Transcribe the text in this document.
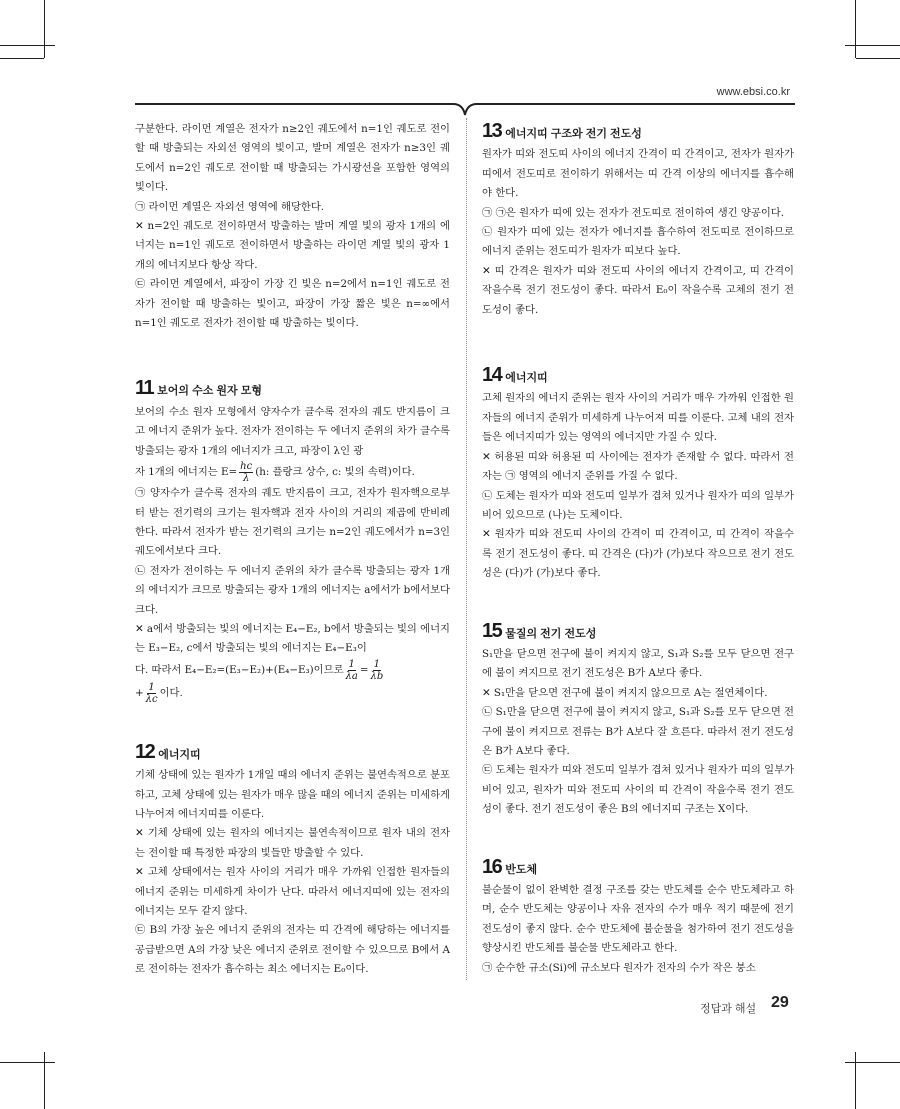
www.ebsi.co.kr

구분한다. 라이먼 계열은 전자가 n≥2인 궤도에서 n=1인 궤도로 전이할 때 방출되는 자외선 영역의 빛이고, 발머 계열은 전자가 n≥3인 궤도에서 n=2인 궤도로 전이할 때 방출되는 가시광선을 포함한 영역의 빛이다.

㉠ 라이먼 계열은 자외선 영역에 해당한다.

✕ n=2인 궤도로 전이하면서 방출하는 발머 계열 빛의 광자 1개의 에너지는 n=1인 궤도로 전이하면서 방출하는 라이먼 계열 빛의 광자 1개의 에너지보다 항상 작다.

㉢ 라이먼 계열에서, 파장이 가장 긴 빛은 n=2에서 n=1인 궤도로 전자가 전이할 때 방출하는 빛이고, 파장이 가장 짧은 빛은 n=∞에서 n=1인 궤도로 전자가 전이할 때 방출하는 빛이다.

11 보어의 수소 원자 모형

보어의 수소 원자 모형에서 양자수가 클수록 전자의 궤도 반지름이 크고 에너지 준위가 높다. 전자가 전이하는 두 에너지 준위의 차가 클수록 방출되는 광자 1개의 에너지가 크고, 파장이 λ인 광

자 1개의 에너지는 $E= \frac{hc}{\lambda} (h$: 플랑크 상수, c: 빛의 속력)이다.

㉠ 양자수가 클수록 전자의 궤도 반지름이 크고, 전자가 원자핵으로부터 받는 전기력의 크기는 원자핵과 전자 사이의 거리의 제곱에 반비례한다. 따라서 전자가 받는 전기력의 크기는 n=2인 궤도에서가 n=3인 궤도에서보다 크다.

㉡ 전자가 전이하는 두 에너지 준위의 차가 클수록 방출되는 광자 1개의 에너지가 크므로 방출되는 광자 1개의 에너지는 a에서가 b에서보다 크다.

✕ a에서 방출되는 빛의 에너지는 E₄−E₂, b에서 방출되는 빛의 에너지는 E₃−E₂, c에서 방출되는 빛의 에너지는 E₄−E₃이

다. 따라서 E₄−E₂=(E₃−E₂)+(E₄−E₃)이므로 $\frac{1}{\lambda a} = \frac{1}{\lambda b}$

+ $\frac{1}{\lambda c}$ 이다.

12 에너지띠

기체 상태에 있는 원자가 1개일 때의 에너지 준위는 불연속적으로 분포하고, 고체 상태에 있는 원자가 매우 많을 때의 에너지 준위는 미세하게 나누어져 에너지띠를 이룬다.

✕ 기체 상태에 있는 원자의 에너지는 불연속적이므로 원자 내의 전자는 전이할 때 특정한 파장의 빛들만 방출할 수 있다.

✕ 고체 상태에서는 원자 사이의 거리가 매우 가까워 인접한 원자들의 에너지 준위는 미세하게 차이가 난다. 따라서 에너지띠에 있는 전자의 에너지는 모두 같지 않다.

㉢ B의 가장 높은 에너지 준위의 전자는 띠 간격에 해당하는 에너지를 공급받으면 A의 가장 낮은 에너지 준위로 전이할 수 있으므로 B에서 A로 전이하는 전자가 흡수하는 최소 에너지는 E₀이다.

13 에너지띠 구조와 전기 전도성

원자가 띠와 전도띠 사이의 에너지 간격이 띠 간격이고, 전자가 원자가 띠에서 전도띠로 전이하기 위해서는 띠 간격 이상의 에너지를 흡수해야 한다.

㉠ ㉠은 원자가 띠에 있는 전자가 전도띠로 전이하여 생긴 양공이다.

㉡ 원자가 띠에 있는 전자가 에너지를 흡수하여 전도띠로 전이하므로 에너지 준위는 전도띠가 원자가 띠보다 높다.

✕ 띠 간격은 원자가 띠와 전도띠 사이의 에너지 간격이고, 띠 간격이 작을수록 전기 전도성이 좋다. 따라서 E₀이 작을수록 고체의 전기 전도성이 좋다.

14 에너지띠

고체 원자의 에너지 준위는 원자 사이의 거리가 매우 가까워 인접한 원자들의 에너지 준위가 미세하게 나누어져 띠를 이룬다. 고체 내의 전자들은 에너지띠가 있는 영역의 에너지만 가질 수 있다.

✕ 허용된 띠와 허용된 띠 사이에는 전자가 존재할 수 없다. 따라서 전자는 ㉠ 영역의 에너지 준위를 가질 수 없다.

㉡ 도체는 원자가 띠와 전도띠 일부가 겹쳐 있거나 원자가 띠의 일부가 비어 있으므로 (나)는 도체이다.

✕ 원자가 띠와 전도띠 사이의 간격이 띠 간격이고, 띠 간격이 작을수록 전기 전도성이 좋다. 띠 간격은 (다)가 (가)보다 작으므로 전기 전도성은 (다)가 (가)보다 좋다.

15 물질의 전기 전도성

S₁만을 닫으면 전구에 불이 켜지지 않고, S₁과 S₂를 모두 닫으면 전구에 불이 켜지므로 전기 전도성은 B가 A보다 좋다.

✕ S₁만을 닫으면 전구에 불이 켜지지 않으므로 A는 절연체이다.

㉡ S₁만을 닫으면 전구에 불이 켜지지 않고, S₁과 S₂를 모두 닫으면 전구에 불이 켜지므로 전류는 B가 A보다 잘 흐른다. 따라서 전기 전도성은 B가 A보다 좋다.

㉢ 도체는 원자가 띠와 전도띠 일부가 겹쳐 있거나 원자가 띠의 일부가 비어 있고, 원자가 띠와 전도띠 사이의 띠 간격이 작을수록 전기 전도성이 좋다. 전기 전도성이 좋은 B의 에너지띠 구조는 X이다.

16 반도체

불순물이 없이 완벽한 결정 구조를 갖는 반도체를 순수 반도체라고 하며, 순수 반도체는 양공이나 자유 전자의 수가 매우 적기 때문에 전기 전도성이 좋지 않다. 순수 반도체에 불순물을 첨가하여 전기 전도성을 향상시킨 반도체를 불순물 반도체라고 한다.

㉠ 순수한 규소(Si)에 규소보다 원자가 전자의 수가 작은 붕소

정답과 해설 29
